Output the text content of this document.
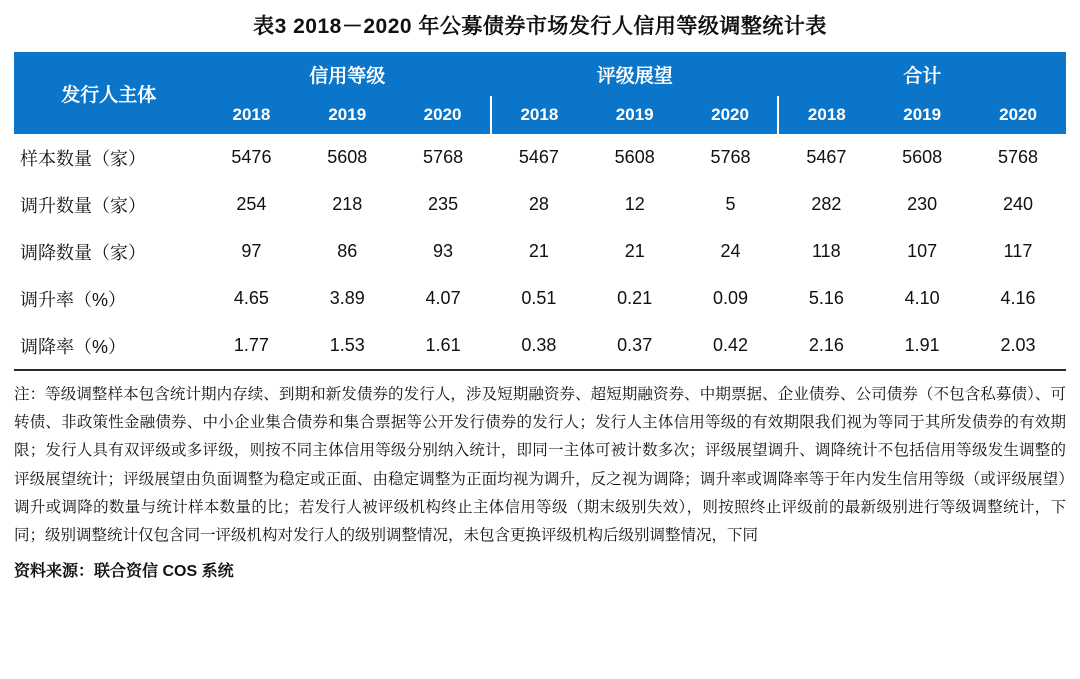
表3 2018－2020 年公募债券市场发行人信用等级调整统计表
发行人主体	信用等级			评级展望			合计		
	2018	2019	2020	2018	2019	2020	2018	2019	2020
样本数量（家）	5476	5608	5768	5467	5608	5768	5467	5608	5768
调升数量（家）	254	218	235	28	12	5	282	230	240
调降数量（家）	97	86	93	21	21	24	118	107	117
调升率（%）	4.65	3.89	4.07	0.51	0.21	0.09	5.16	4.10	4.16
调降率（%）	1.77	1.53	1.61	0.38	0.37	0.42	2.16	1.91	2.03
注：等级调整样本包含统计期内存续、到期和新发债券的发行人，涉及短期融资券、超短期融资券、中期票据、企业债券、公司债券（不包含私募债）、可转债、非政策性金融债券、中小企业集合债券和集合票据等公开发行债券的发行人；发行人主体信用等级的有效期限我们视为等同于其所发债券的有效期限；发行人具有双评级或多评级，则按不同主体信用等级分别纳入统计，即同一主体可被计数多次；评级展望调升、调降统计不包括信用等级发生调整的评级展望统计；评级展望由负面调整为稳定或正面、由稳定调整为正面均视为调升，反之视为调降；调升率或调降率等于年内发生信用等级（或评级展望）调升或调降的数量与统计样本数量的比；若发行人被评级机构终止主体信用等级（期末级别失效），则按照终止评级前的最新级别进行等级调整统计，下同；级别调整统计仅包含同一评级机构对发行人的级别调整情况，未包含更换评级机构后级别调整情况，下同
资料来源：联合资信 COS 系统
